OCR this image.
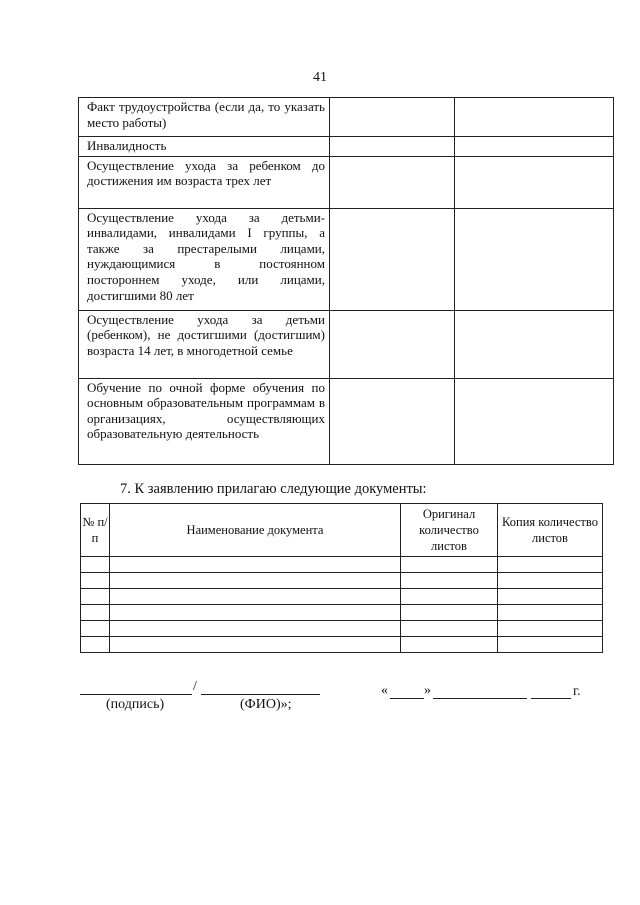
41
Факт трудоустройства (если да, то указать место работы)		
Инвалидность		
Осуществление ухода за ребенком до достижения им возраста трех лет		
Осуществление ухода за детьми-инвалидами, инвалидами I группы, а также за престарелыми лицами, нуждающимися в постоянном постороннем уходе, или лицами, достигшими 80 лет		
Осуществление ухода за детьми (ребенком), не достигшими (достигшим) возраста 14 лет, в многодетной семье		
Обучение по очной форме обучения по основным образовательным программам в организациях, осуществляющих образовательную деятельность		
7. К заявлению прилагаю следующие документы:
№ п/п	Наименование документа	Оригинал количество листов	Копия количество листов

/
(подпись)	(ФИО)»;
«	»	г.
